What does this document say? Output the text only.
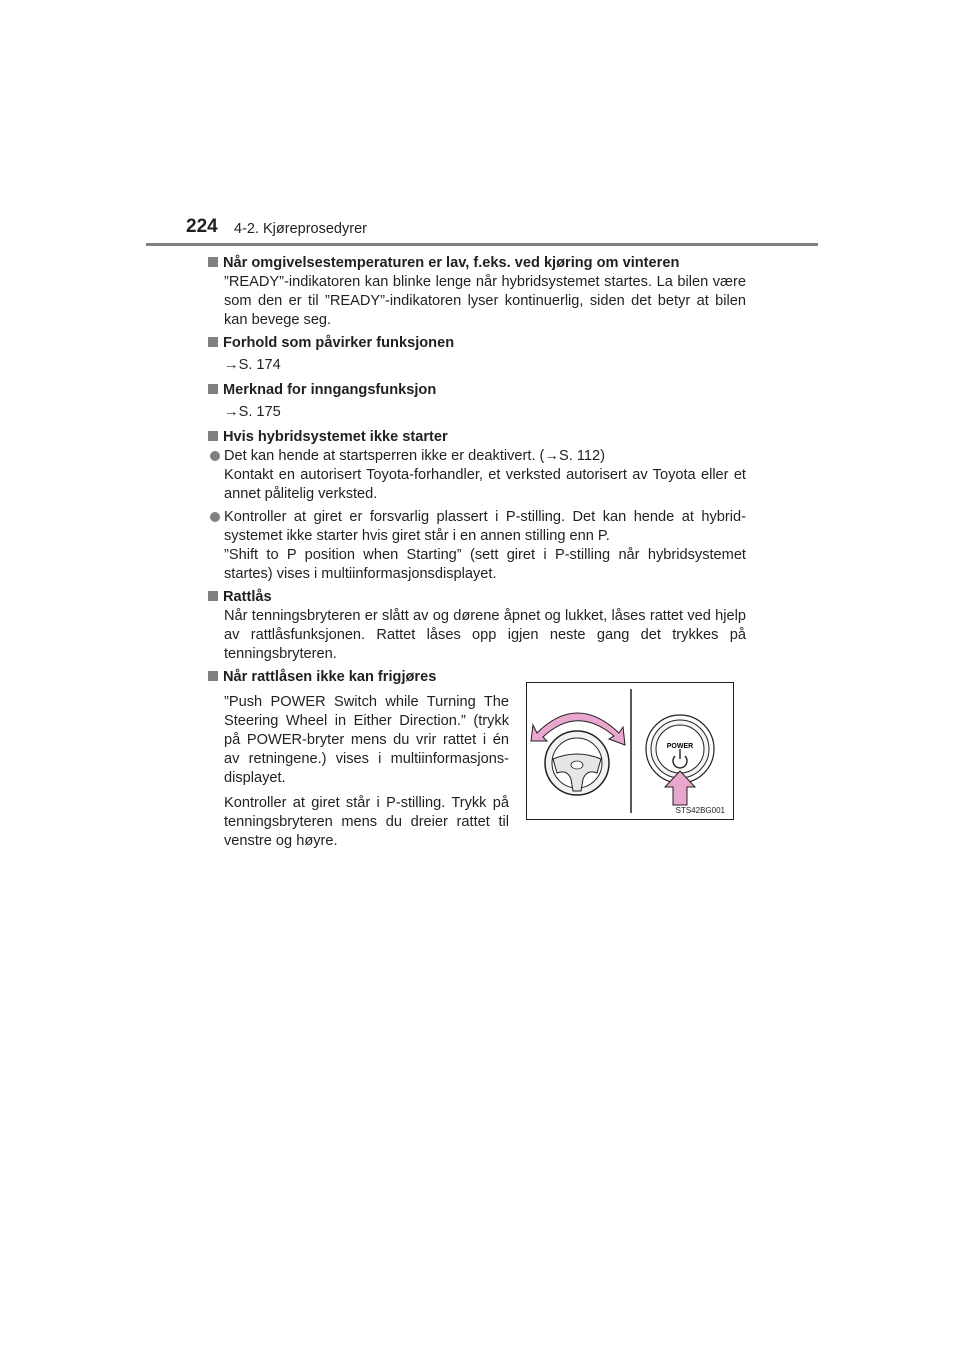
224 4-2. Kjøreprosedyrer
Når omgivelsestemperaturen er lav, f.eks. ved kjøring om vinteren
”READY”-indikatoren kan blinke lenge når hybridsystemet startes. La bilen være som den er til ”READY”-indikatoren lyser kontinuerlig, siden det betyr at bilen kan bevege seg.
Forhold som påvirker funksjonen
→S. 174
Merknad for inngangsfunksjon
→S. 175
Hvis hybridsystemet ikke starter

Det kan hende at startsperren ikke er deaktivert. (→S. 112)

Kontakt en autorisert Toyota-forhandler, et verksted autorisert av Toyota eller et annet pålitelig verksted.

Kontroller at giret er forsvarlig plassert i P-stilling. Det kan hende at hybrid-systemet ikke starter hvis giret står i en annen stilling enn P.

”Shift to P position when Starting” (sett giret i P-stilling når hybridsystemet startes) vises i multiinformasjonsdisplayet.

Rattlås
Når tenningsbryteren er slått av og dørene åpnet og lukket, låses rattet ved hjelp av rattlåsfunksjonen. Rattet låses opp igjen neste gang det trykkes på tenningsbryteren.
Når rattlåsen ikke kan frigjøres

”Push POWER Switch while Turning The Steering Wheel in Either Direction.” (trykk på POWER-bryter mens du vrir rattet i én av retningene.) vises i multiinformasjons-displayet.

Kontroller at giret står i P-stilling. Trykk på tenningsbryteren mens du dreier rattet til venstre og høyre.

POWER
STS42BG001
